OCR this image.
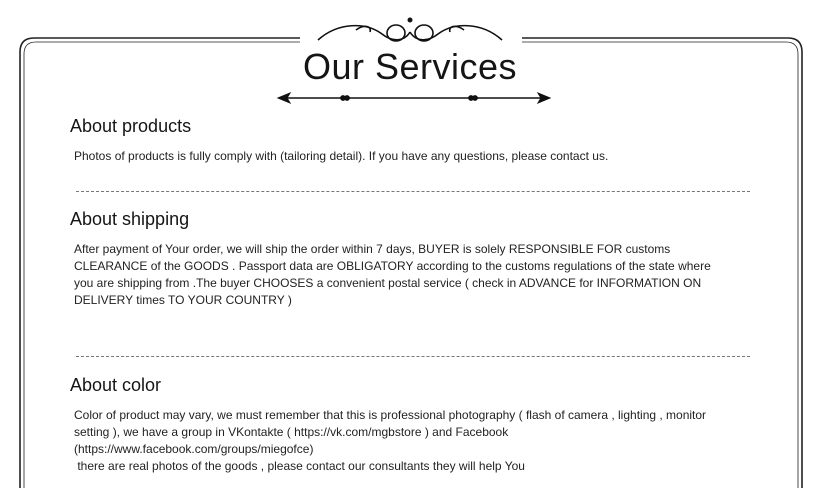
Our Services
About products

Photos of products is fully comply with (tailoring detail). If you have any questions, please contact us.

About shipping

After payment of Your order, we will ship the order within 7 days, BUYER is solely RESPONSIBLE FOR customs

CLEARANCE of the GOODS . Passport data are OBLIGATORY according to the customs regulations of the state where

you are shipping from .The buyer CHOOSES a convenient postal service ( check in ADVANCE for INFORMATION ON

DELIVERY times TO YOUR COUNTRY )

About color

Color of product may vary, we must remember that this is professional photography ( flash of camera , lighting , monitor

setting ), we have a group in VKontakte ( https://vk.com/mgbstore ) and Facebook

(https://www.facebook.com/groups/miegofce)

there are real photos of the goods , please contact our consultants they will help You
